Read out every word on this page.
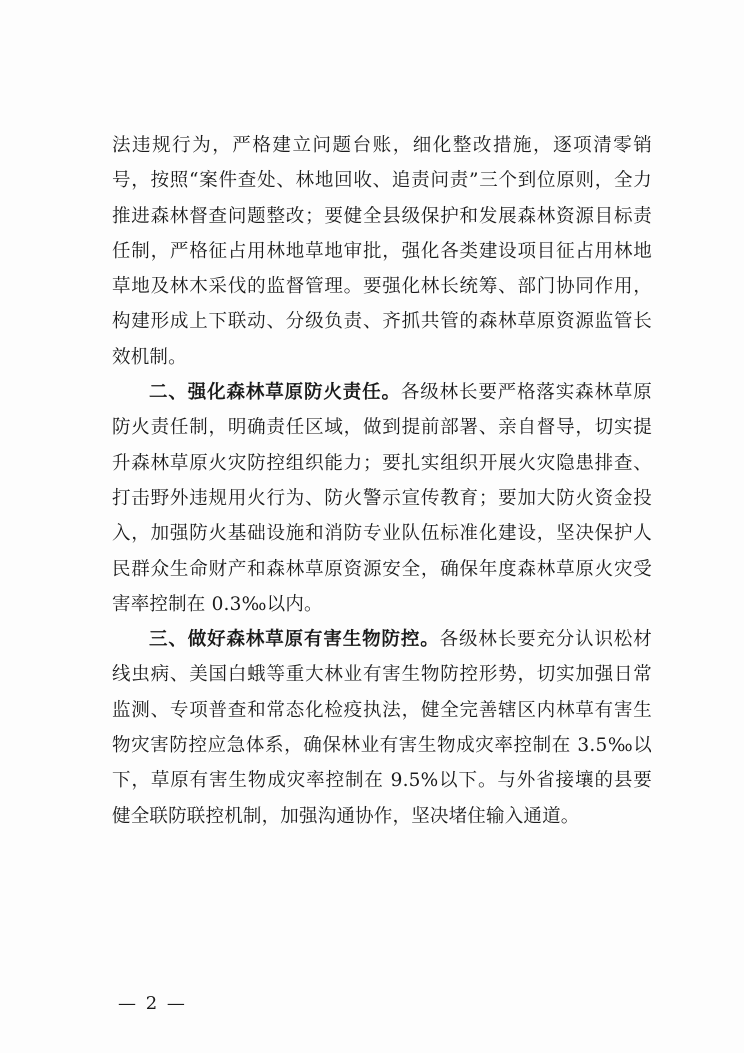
法违规行为，严格建立问题台账，细化整改措施，逐项清零销号，按照“案件查处、林地回收、追责问责”三个到位原则，全力推进森林督查问题整改；要健全县级保护和发展森林资源目标责任制，严格征占用林地草地审批，强化各类建设项目征占用林地草地及林木采伐的监督管理。要强化林长统筹、部门协同作用，构建形成上下联动、分级负责、齐抓共管的森林草原资源监管长效机制。

二、强化森林草原防火责任。各级林长要严格落实森林草原防火责任制，明确责任区域，做到提前部署、亲自督导，切实提升森林草原火灾防控组织能力；要扎实组织开展火灾隐患排查、打击野外违规用火行为、防火警示宣传教育；要加大防火资金投入，加强防火基础设施和消防专业队伍标准化建设，坚决保护人民群众生命财产和森林草原资源安全，确保年度森林草原火灾受害率控制在 0.3‰以内。

三、做好森林草原有害生物防控。各级林长要充分认识松材线虫病、美国白蛾等重大林业有害生物防控形势，切实加强日常监测、专项普查和常态化检疫执法，健全完善辖区内林草有害生物灾害防控应急体系，确保林业有害生物成灾率控制在 3.5‰以下，草原有害生物成灾率控制在 9.5%以下。与外省接壤的县要健全联防联控机制，加强沟通协作，坚决堵住输入通道。

— 2 —
